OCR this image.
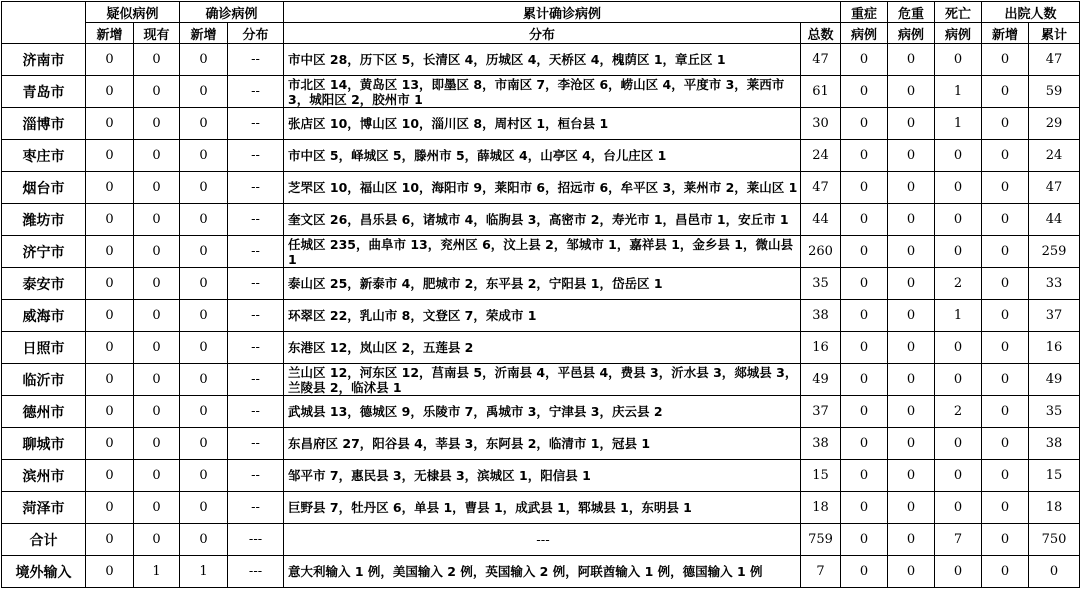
	疑似病例		确诊病例		累计确诊病例		重症	危重	死亡	出院人数	
	新增	现有	新增	分布	分布	总数	病例	病例	病例	新增	累计
济南市	0	0	0	--	市中区 28，历下区 5，长清区 4，历城区 4，天桥区 4，槐荫区 1，章丘区 1	47	0	0	0	0	47
青岛市	0	0	0	--	市北区 14，黄岛区 13，即墨区 8，市南区 7，李沧区 6，崂山区 4，平度市 3，莱西市 3，城阳区 2，胶州市 1	61	0	0	1	0	59
淄博市	0	0	0	--	张店区 10，博山区 10，淄川区 8，周村区 1，桓台县 1	30	0	0	1	0	29
枣庄市	0	0	0	--	市中区 5，峄城区 5，滕州市 5，薛城区 4，山亭区 4，台儿庄区 1	24	0	0	0	0	24
烟台市	0	0	0	--	芝罘区 10，福山区 10，海阳市 9，莱阳市 6，招远市 6，牟平区 3，莱州市 2，莱山区 1	47	0	0	0	0	47
潍坊市	0	0	0	--	奎文区 26，昌乐县 6，诸城市 4，临朐县 3，高密市 2，寿光市 1，昌邑市 1，安丘市 1	44	0	0	0	0	44
济宁市	0	0	0	--	任城区 235，曲阜市 13，兖州区 6，汶上县 2，邹城市 1，嘉祥县 1，金乡县 1，微山县 1	260	0	0	0	0	259
泰安市	0	0	0	--	泰山区 25，新泰市 4，肥城市 2，东平县 2，宁阳县 1，岱岳区 1	35	0	0	2	0	33
威海市	0	0	0	--	环翠区 22，乳山市 8，文登区 7，荣成市 1	38	0	0	1	0	37
日照市	0	0	0	--	东港区 12，岚山区 2，五莲县 2	16	0	0	0	0	16
临沂市	0	0	0	--	兰山区 12，河东区 12，莒南县 5，沂南县 4，平邑县 4，费县 3，沂水县 3，郯城县 3，兰陵县 2，临沭县 1	49	0	0	0	0	49
德州市	0	0	0	--	武城县 13，德城区 9，乐陵市 7，禹城市 3，宁津县 3，庆云县 2	37	0	0	2	0	35
聊城市	0	0	0	--	东昌府区 27，阳谷县 4，莘县 3，东阿县 2，临清市 1，冠县 1	38	0	0	0	0	38
滨州市	0	0	0	--	邹平市 7，惠民县 3，无棣县 3，滨城区 1，阳信县 1	15	0	0	0	0	15
菏泽市	0	0	0	--	巨野县 7，牡丹区 6，单县 1，曹县 1，成武县 1，郓城县 1，东明县 1	18	0	0	0	0	18
合计	0	0	0	---	---	759	0	0	7	0	750
境外输入	0	1	1	---	意大利输入 1 例，美国输入 2 例，英国输入 2 例，阿联酋输入 1 例，德国输入 1 例	7	0	0	0	0	0
